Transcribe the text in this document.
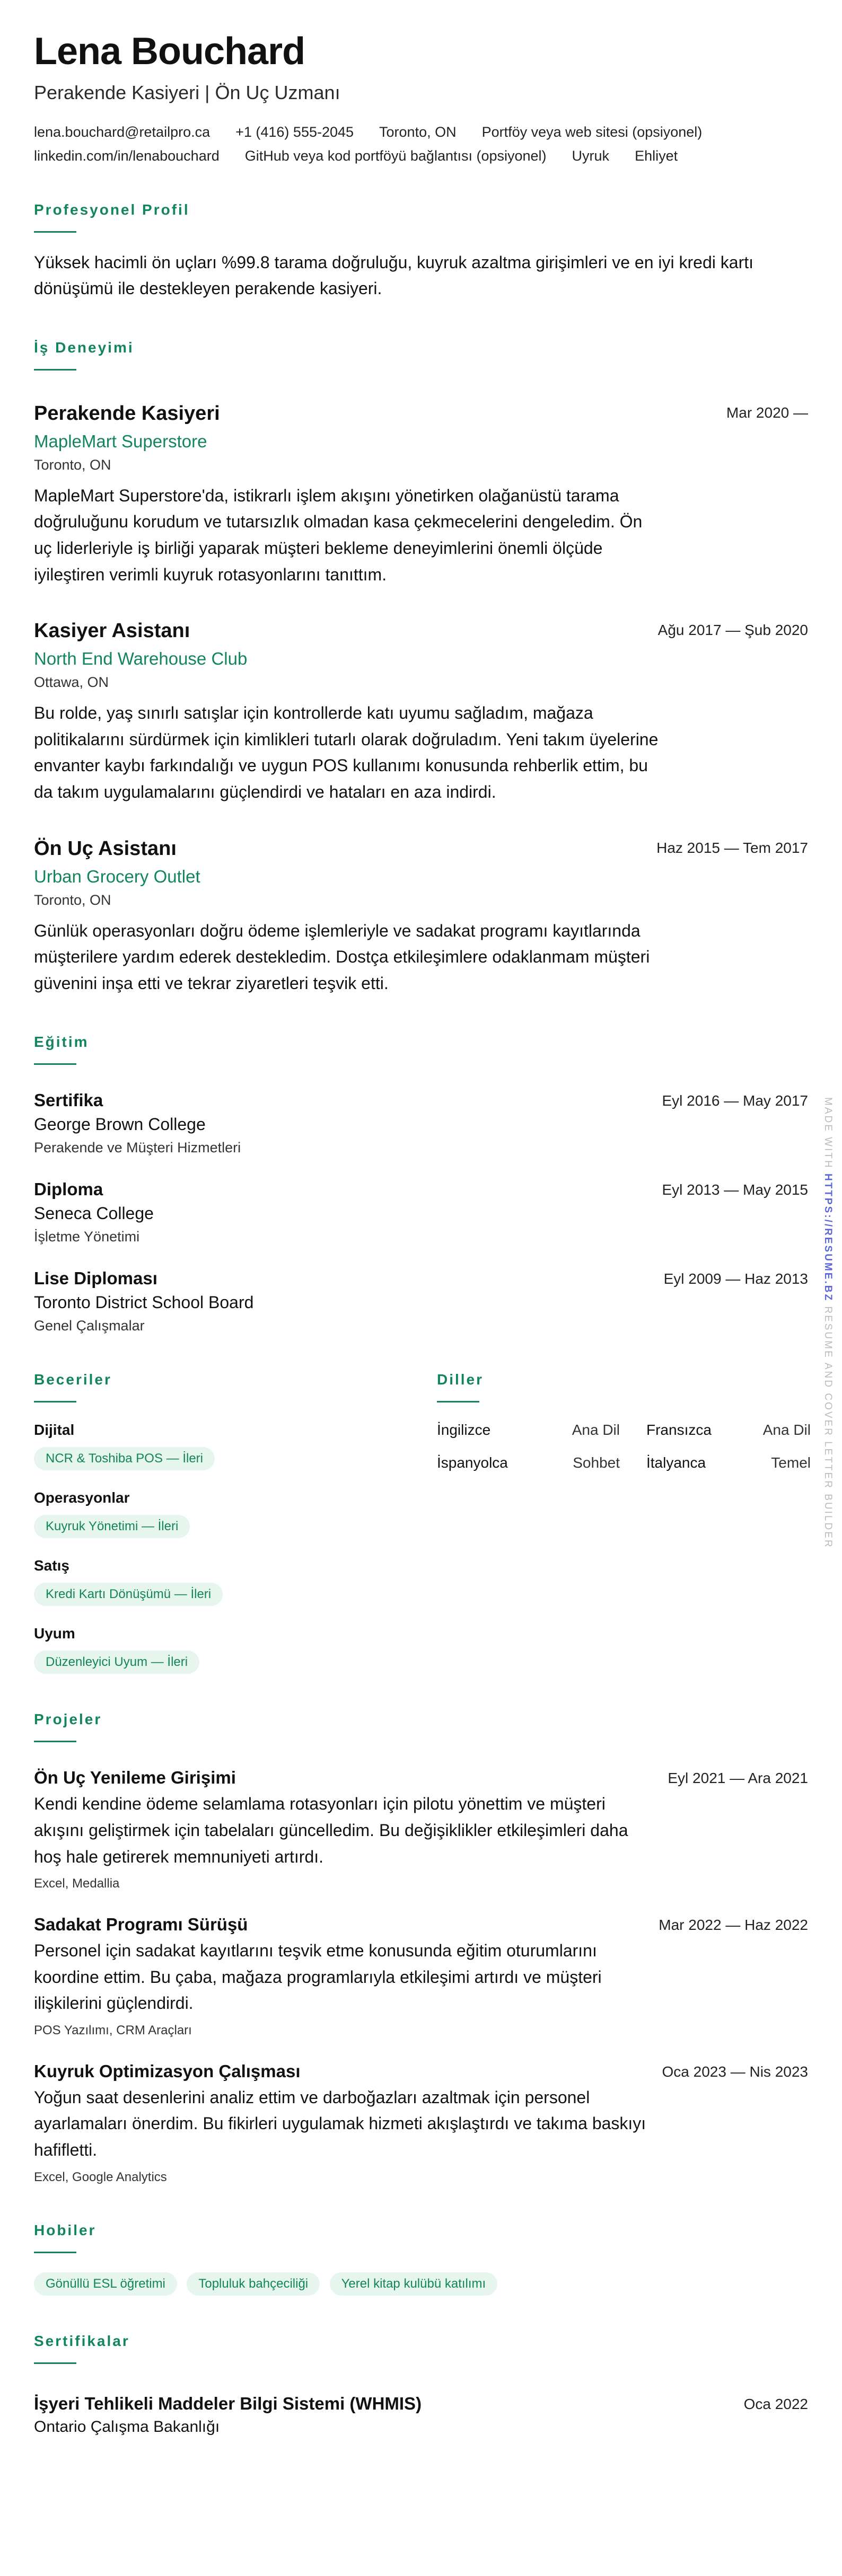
Lena Bouchard
Perakende Kasiyeri | Ön Uç Uzmanı
lena.bouchard@retailpro.ca +1 (416) 555-2045 Toronto, ON Portföy veya web sitesi (opsiyonel)
linkedin.com/in/lenabouchard GitHub veya kod portföyü bağlantısı (opsiyonel) Uyruk Ehliyet
Profesyonel Profil
Yüksek hacimli ön uçları %99.8 tarama doğruluğu, kuyruk azaltma girişimleri ve en iyi kredi kartı dönüşümü ile destekleyen perakende kasiyeri.
İş Deneyimi
Mar 2020 —
Perakende Kasiyeri
MapleMart Superstore
Toronto, ON
MapleMart Superstore'da, istikrarlı işlem akışını yönetirken olağanüstü tarama doğruluğunu korudum ve tutarsızlık olmadan kasa çekmecelerini dengeledim. Ön uç liderleriyle iş birliği yaparak müşteri bekleme deneyimlerini önemli ölçüde iyileştiren verimli kuyruk rotasyonlarını tanıttım.
Ağu 2017 — Şub 2020
Kasiyer Asistanı
North End Warehouse Club
Ottawa, ON
Bu rolde, yaş sınırlı satışlar için kontrollerde katı uyumu sağladım, mağaza politikalarını sürdürmek için kimlikleri tutarlı olarak doğruladım. Yeni takım üyelerine envanter kaybı farkındalığı ve uygun POS kullanımı konusunda rehberlik ettim, bu da takım uygulamalarını güçlendirdi ve hataları en aza indirdi.
Haz 2015 — Tem 2017
Ön Uç Asistanı
Urban Grocery Outlet
Toronto, ON
Günlük operasyonları doğru ödeme işlemleriyle ve sadakat programı kayıtlarında müşterilere yardım ederek destekledim. Dostça etkileşimlere odaklanmam müşteri güvenini inşa etti ve tekrar ziyaretleri teşvik etti.
Eğitim
Eyl 2016 — May 2017
Sertifika
George Brown College
Perakende ve Müşteri Hizmetleri
Eyl 2013 — May 2015
Diploma
Seneca College
İşletme Yönetimi
Eyl 2009 — Haz 2013
Lise Diploması
Toronto District School Board
Genel Çalışmalar
Beceriler
Dijital
NCR & Toshiba POS — İleri
Operasyonlar
Kuyruk Yönetimi — İleri
Satış
Kredi Kartı Dönüşümü — İleri
Uyum
Düzenleyici Uyum — İleri
Diller
İngilizce	Ana Dil	Fransızca	Ana Dil
İspanyolca	Sohbet	İtalyanca	Temel
Projeler
Eyl 2021 — Ara 2021
Ön Uç Yenileme Girişimi
Kendi kendine ödeme selamlama rotasyonları için pilotu yönettim ve müşteri akışını geliştirmek için tabelaları güncelledim. Bu değişiklikler etkileşimleri daha hoş hale getirerek memnuniyeti artırdı.
Excel, Medallia
Mar 2022 — Haz 2022
Sadakat Programı Sürüşü
Personel için sadakat kayıtlarını teşvik etme konusunda eğitim oturumlarını koordine ettim. Bu çaba, mağaza programlarıyla etkileşimi artırdı ve müşteri ilişkilerini güçlendirdi.
POS Yazılımı, CRM Araçları
Oca 2023 — Nis 2023
Kuyruk Optimizasyon Çalışması
Yoğun saat desenlerini analiz ettim ve darboğazları azaltmak için personel ayarlamaları önerdim. Bu fikirleri uygulamak hizmeti akışlaştırdı ve takıma baskıyı hafifletti.
Excel, Google Analytics
Hobiler
Gönüllü ESL öğretimi	Topluluk bahçeciliği	Yerel kitap kulübü katılımı
Sertifikalar
Oca 2022
İşyeri Tehlikeli Maddeler Bilgi Sistemi (WHMIS)
Ontario Çalışma Bakanlığı
MADE WITH HTTPS://RESUME.BZ RESUME AND COVER LETTER BUILDER
